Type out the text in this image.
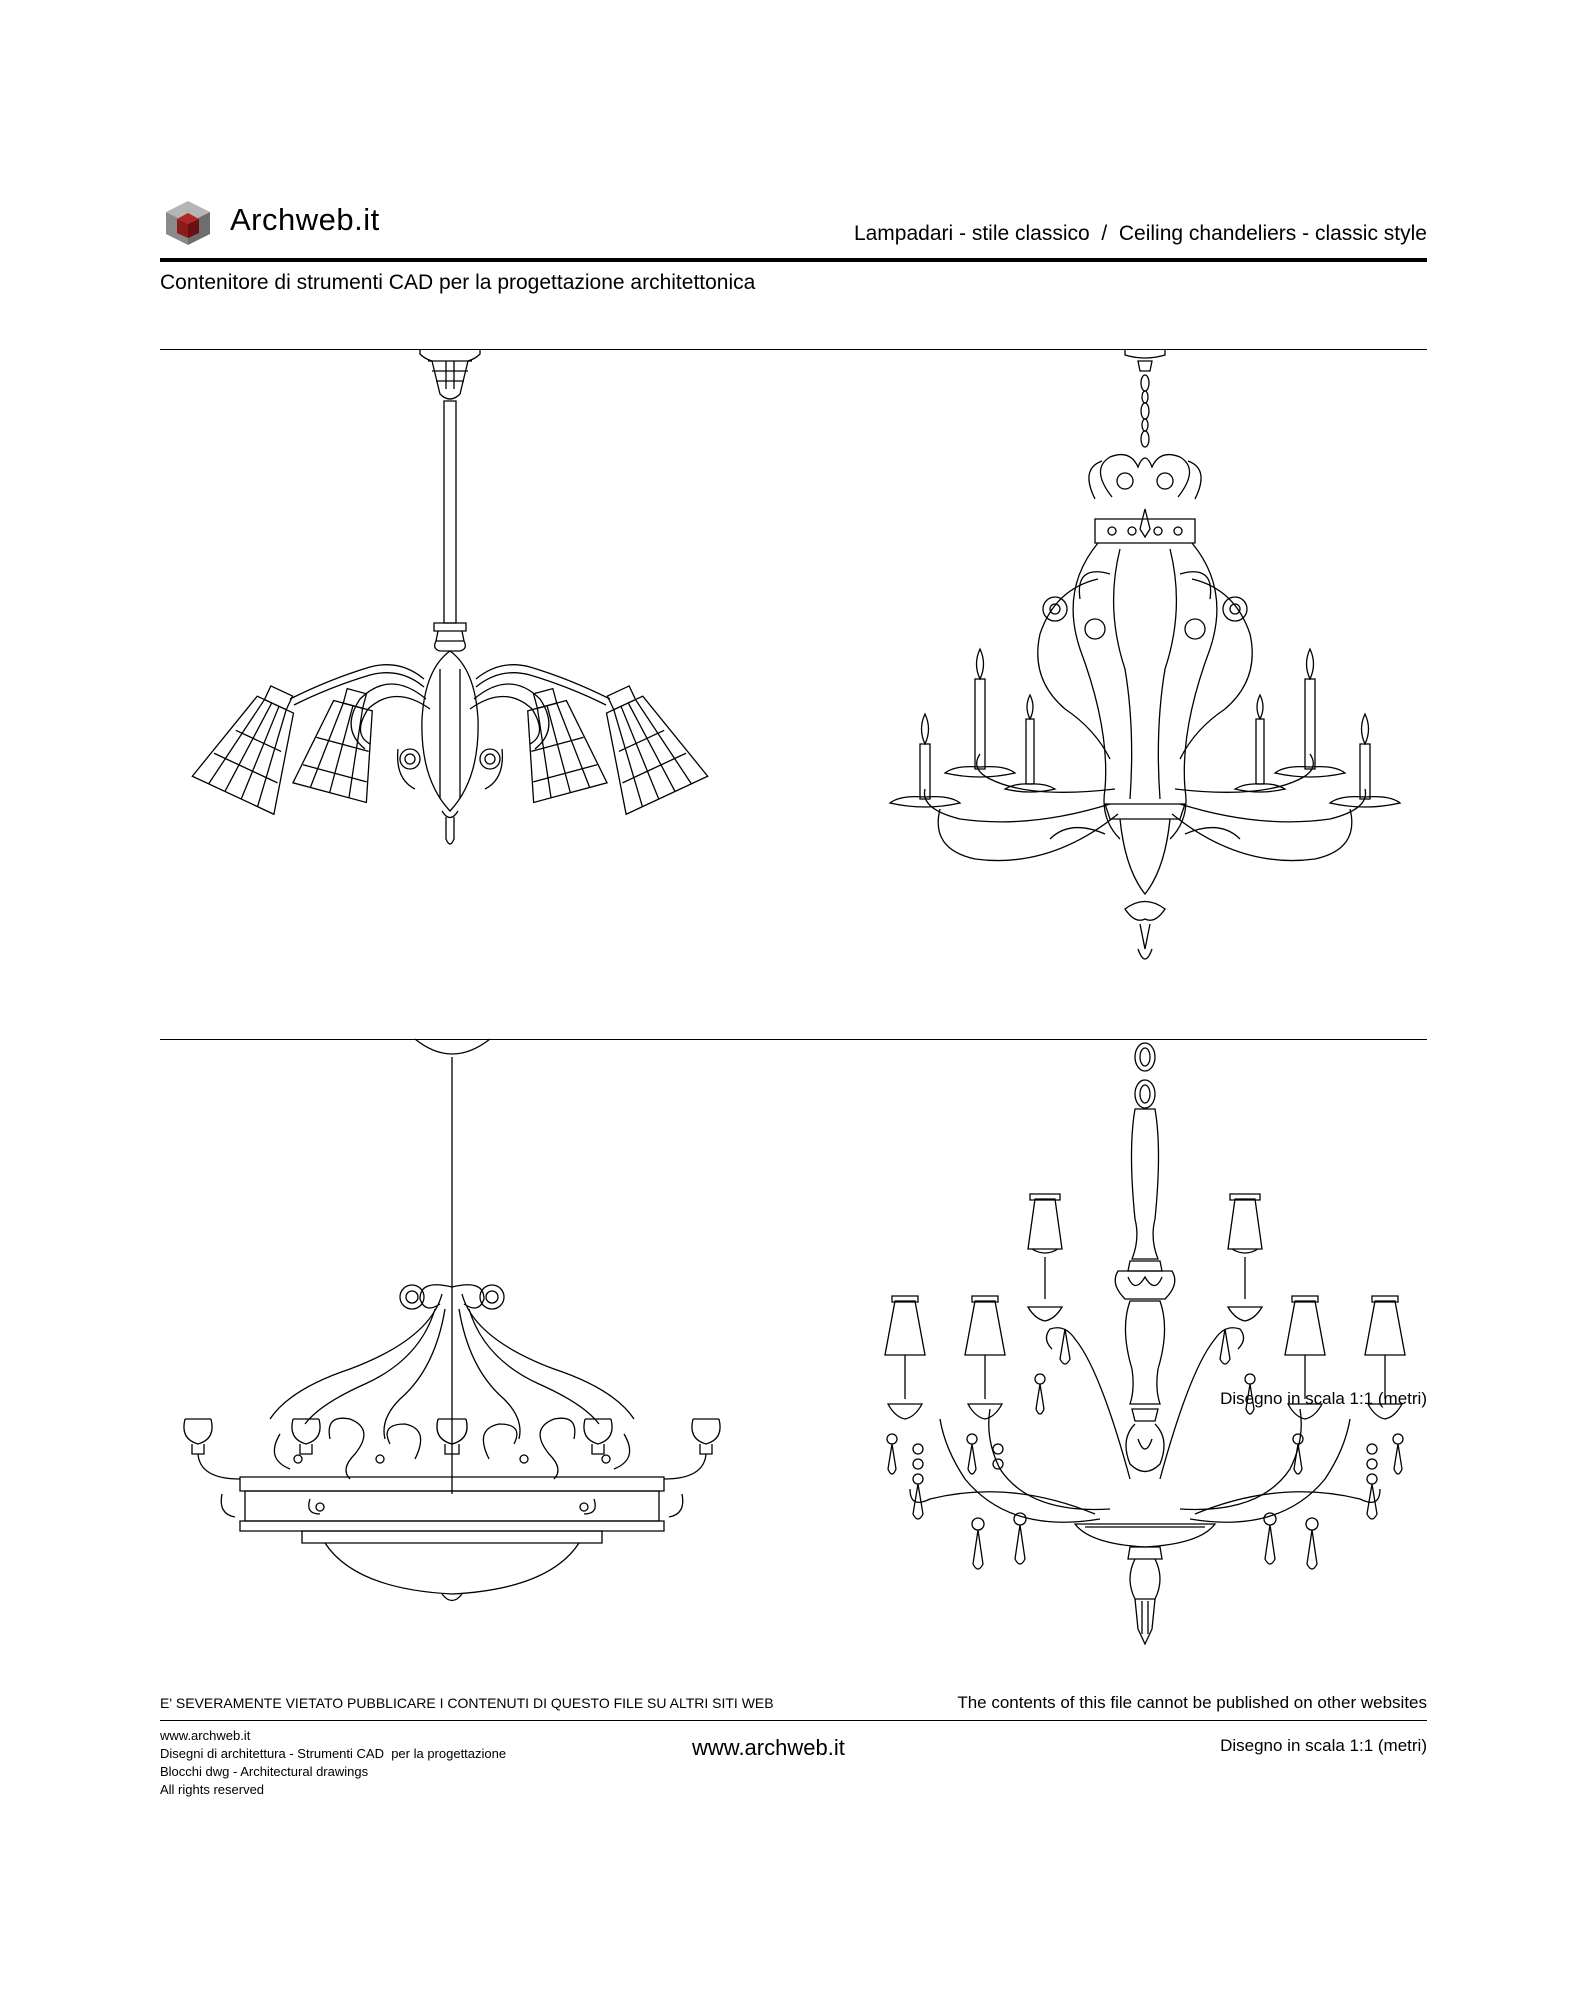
Archweb.it	Lampadari - stile classico  /  Ceiling chandeliers - classic style
Contenitore di strumenti CAD per la progettazione architettonica
Disegno in scala 1:1 (metri)
E' SEVERAMENTE VIETATO PUBBLICARE I CONTENUTI DI QUESTO FILE SU ALTRI SITI WEB	The contents of this file cannot be published on other websites
www.archweb.it
Disegni di architettura - Strumenti CAD  per la progettazione
Blocchi dwg - Architectural drawings
All rights reserved
www.archweb.it	Disegno in scala 1:1 (metri)
